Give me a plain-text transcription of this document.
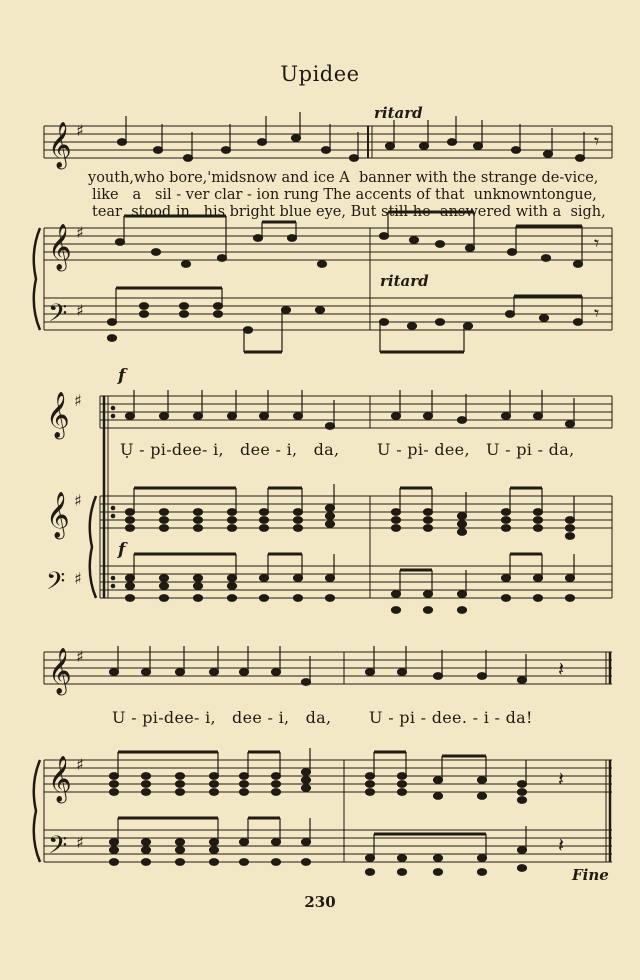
Upidee
ritard
youth,who bore,'midsnow and ice A  banner with the strange de-vice,
like   a   sil - ver clar - ion rung The accents of that  unknowntongue,
tear  stood in   his bright blue eye, But still he  answered with a  sigh,
ritard
f
Ụ - pi-dee- i,   dee - i,   da,       U - pi- dee,   U - pi - da,
f
U - pi-dee- i,   dee - i,   da,       U - pi - dee. - i - da!
Fine
230
𝄞 ♯
𝄞 ♯
𝄢 ♯
𝄞 ♯
𝄞 ♯
𝄢 ♯
𝄞 ♯
𝄞 ♯
𝄢 ♯
𝄾
𝄾
𝄾
𝄽
𝄽
𝄽
